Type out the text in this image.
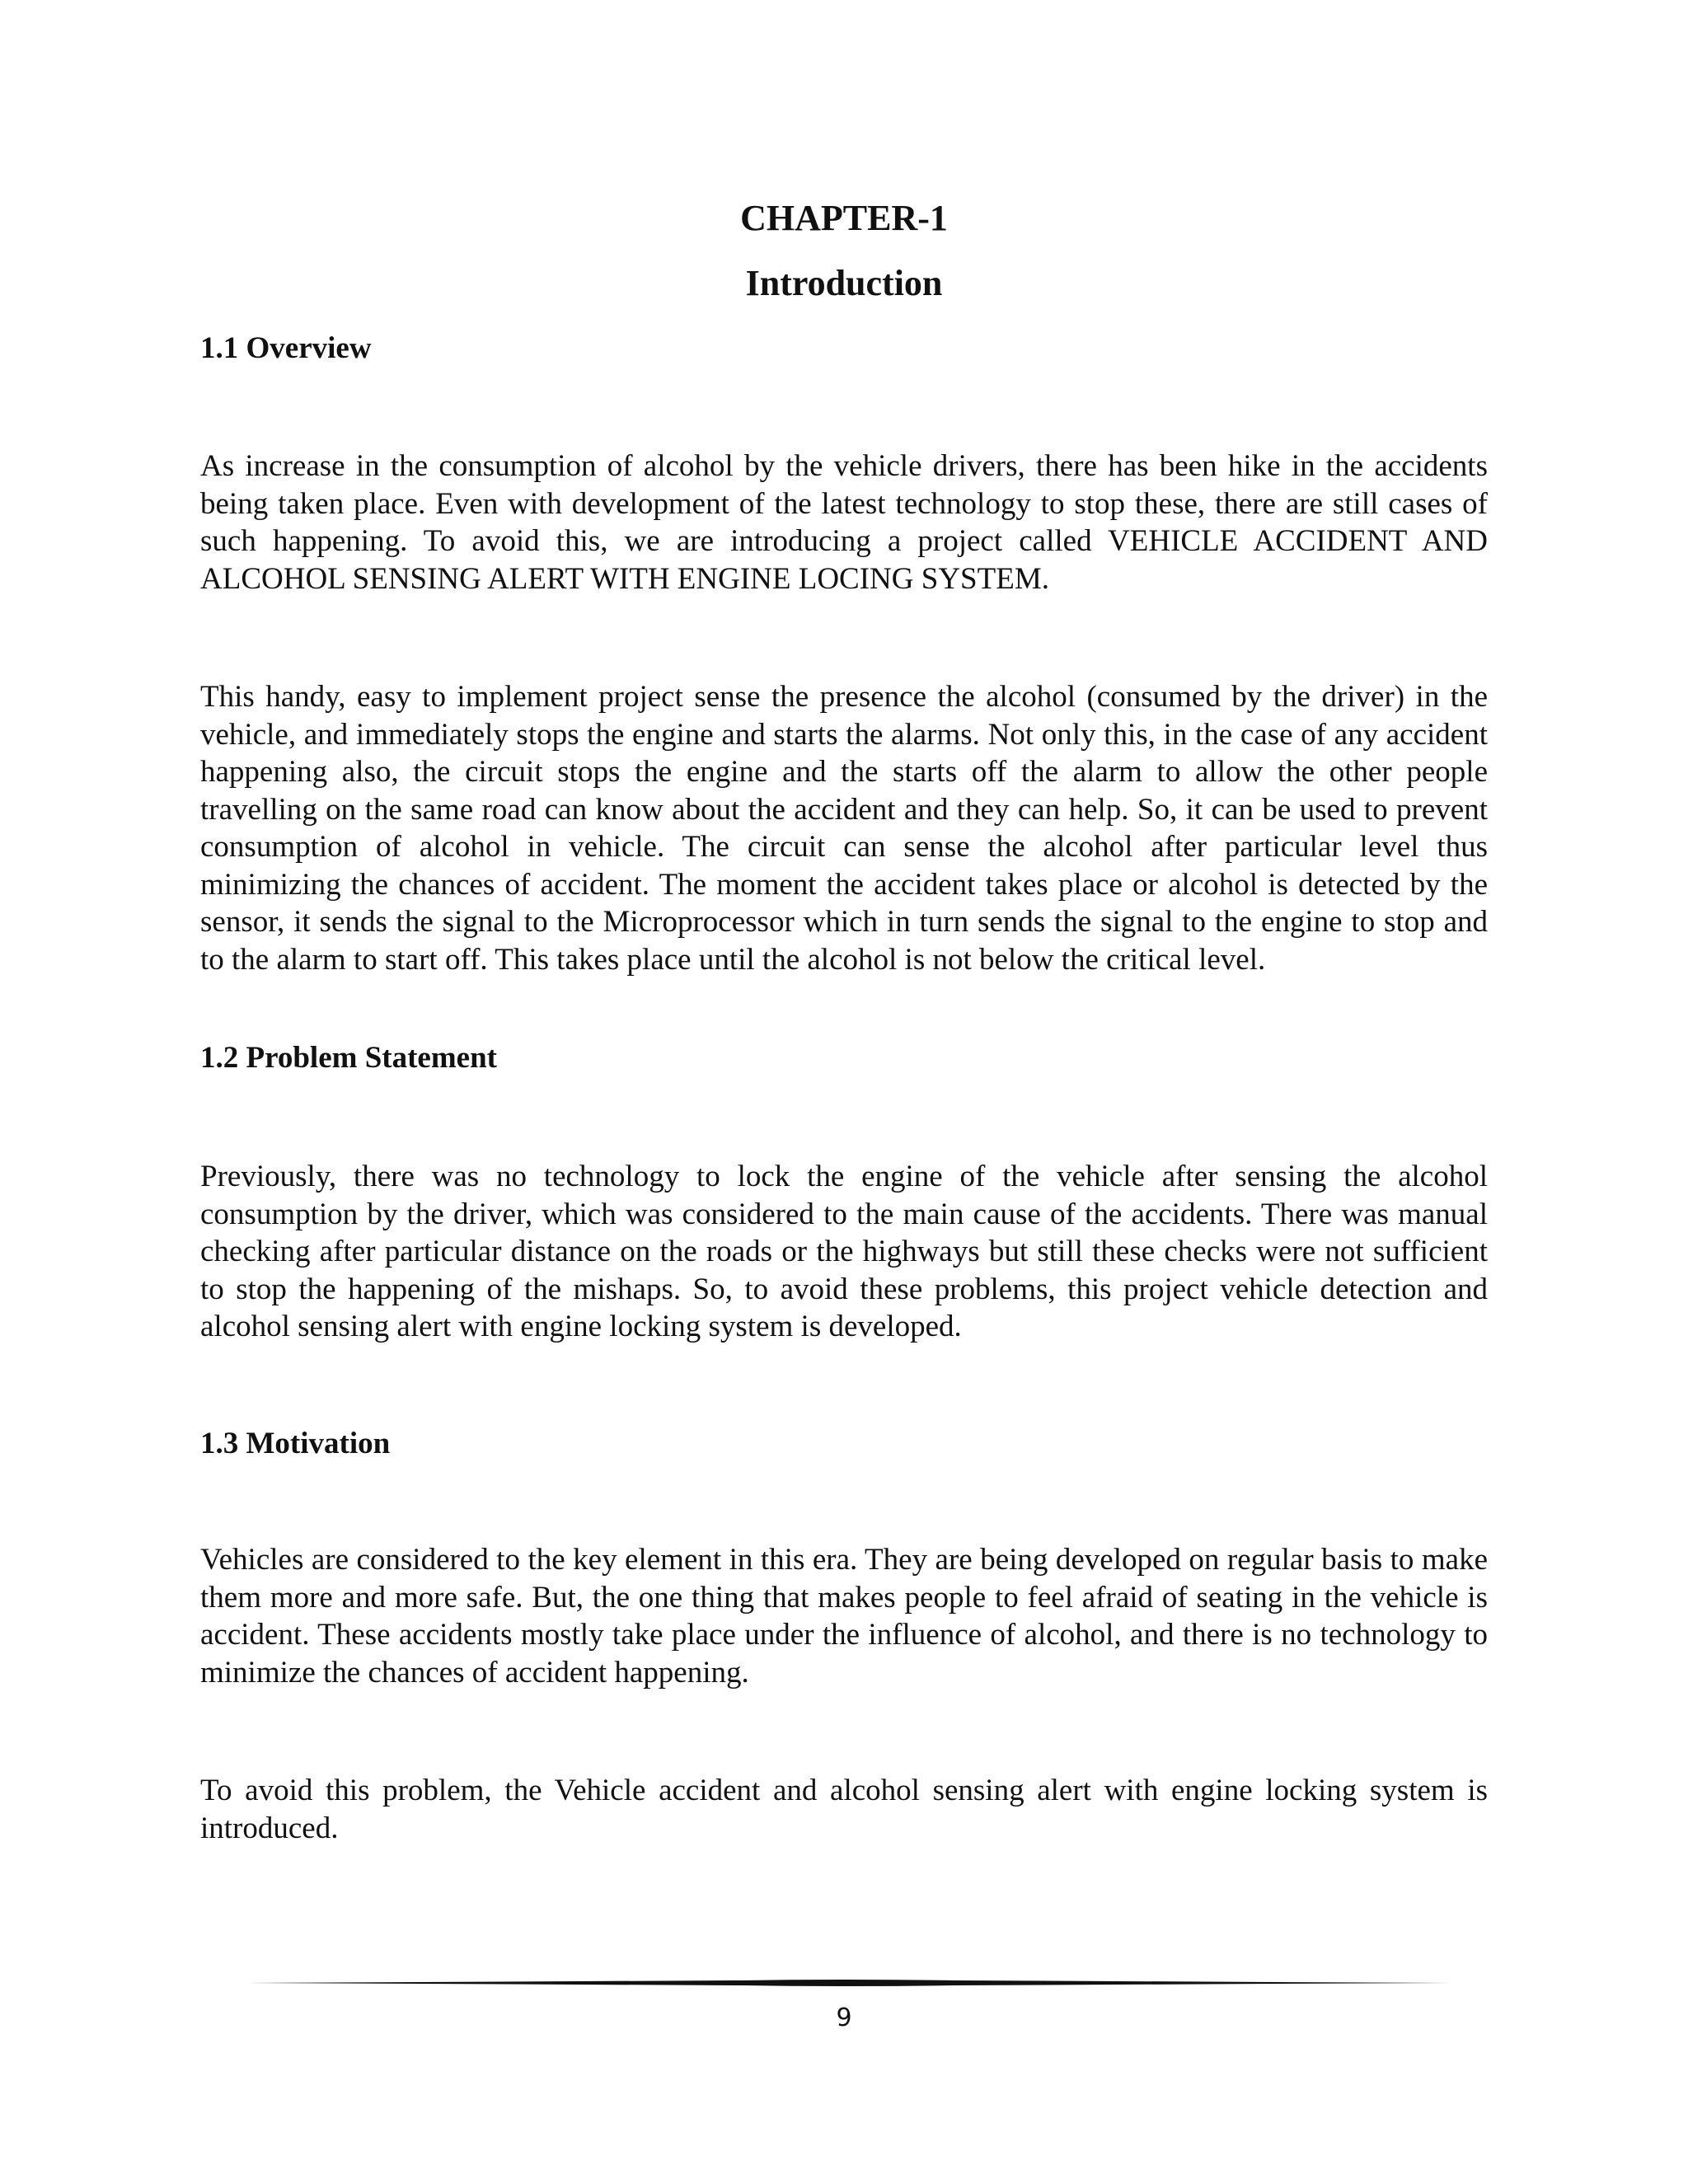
CHAPTER-1
Introduction
1.1 Overview

As increase in the consumption of alcohol by the vehicle drivers, there has been hike in the accidents being taken place. Even with development of the latest technology to stop these, there are still cases of such happening. To avoid this, we are introducing a project called VEHICLE ACCIDENT AND ALCOHOL SENSING ALERT WITH ENGINE LOCING SYSTEM.

This handy, easy to implement project sense the presence the alcohol (consumed by the driver) in the vehicle, and immediately stops the engine and starts the alarms. Not only this, in the case of any accident happening also, the circuit stops the engine and the starts off the alarm to allow the other people travelling on the same road can know about the accident and they can help. So, it can be used to prevent consumption of alcohol in vehicle. The circuit can sense the alcohol after particular level thus minimizing the chances of accident. The moment the accident takes place or alcohol is detected by the sensor, it sends the signal to the Microprocessor which in turn sends the signal to the engine to stop and to the alarm to start off. This takes place until the alcohol is not below the critical level.

1.2 Problem Statement

Previously, there was no technology to lock the engine of the vehicle after sensing the alcohol consumption by the driver, which was considered to the main cause of the accidents. There was manual checking after particular distance on the roads or the highways but still these checks were not sufficient to stop the happening of the mishaps. So, to avoid these problems, this project vehicle detection and alcohol sensing alert with engine locking system is developed.

1.3 Motivation

Vehicles are considered to the key element in this era. They are being developed on regular basis to make them more and more safe. But, the one thing that makes people to feel afraid of seating in the vehicle is accident. These accidents mostly take place under the influence of alcohol, and there is no technology to minimize the chances of accident happening.

To avoid this problem, the Vehicle accident and alcohol sensing alert with engine locking system is introduced.

9
